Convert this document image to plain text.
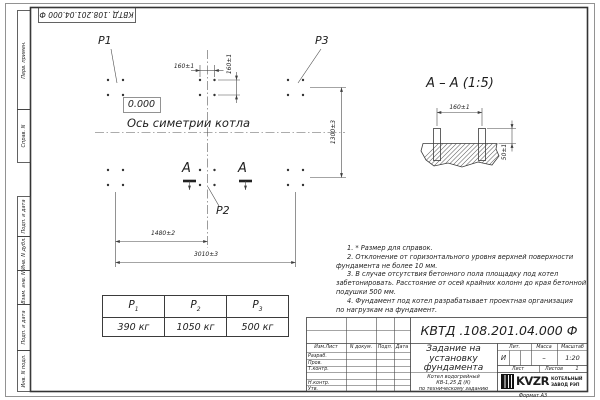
КВТД .108.201.04.000 Ф
Перв. примен.
Справ. N
Подп. и дата
Инв. N дубл.
Взам. инв. N
Подп. и дата
Инв. N подл.
P1	P3
P2
0.000
Ось симетрии котла
160±1	160±1
1300±3
1480±2
3010±3
А	А
А – А (1:5)
160±1
50±1
1. * Размер для справок.
2. Отклонение от горизонтального уровня верхней поверхности
фундамента не более 10 мм.
3. В случае отсутствия бетонного пола площадку под котел
забетонировать. Расстояние от осей крайних колонн до края бетонной
подушки 500 мм.
4. Фундамент под котел разрабатывает проектная организация
по нагрузкам на фундамент.
$P_1$	$P_2$	$P_3$
390 кг	1050 кг	500 кг	КВТД .108.201.04.000 Ф
Изм.Лист	N докум.	Подп. Дата
Разраб.
Пров.
Т.контр.
Н.контр.
Утв.
Задание на
установку
фундамента
Котел водогрейный
КВ-1,25 Д (К)
по техническому заданию
Лит.	Масса	Масштаб
И	–	1:20
Лист	Листов	1
KVZR КОТЕЛЬНЫЙ
ЗАВОД РЭП
Формат А3
